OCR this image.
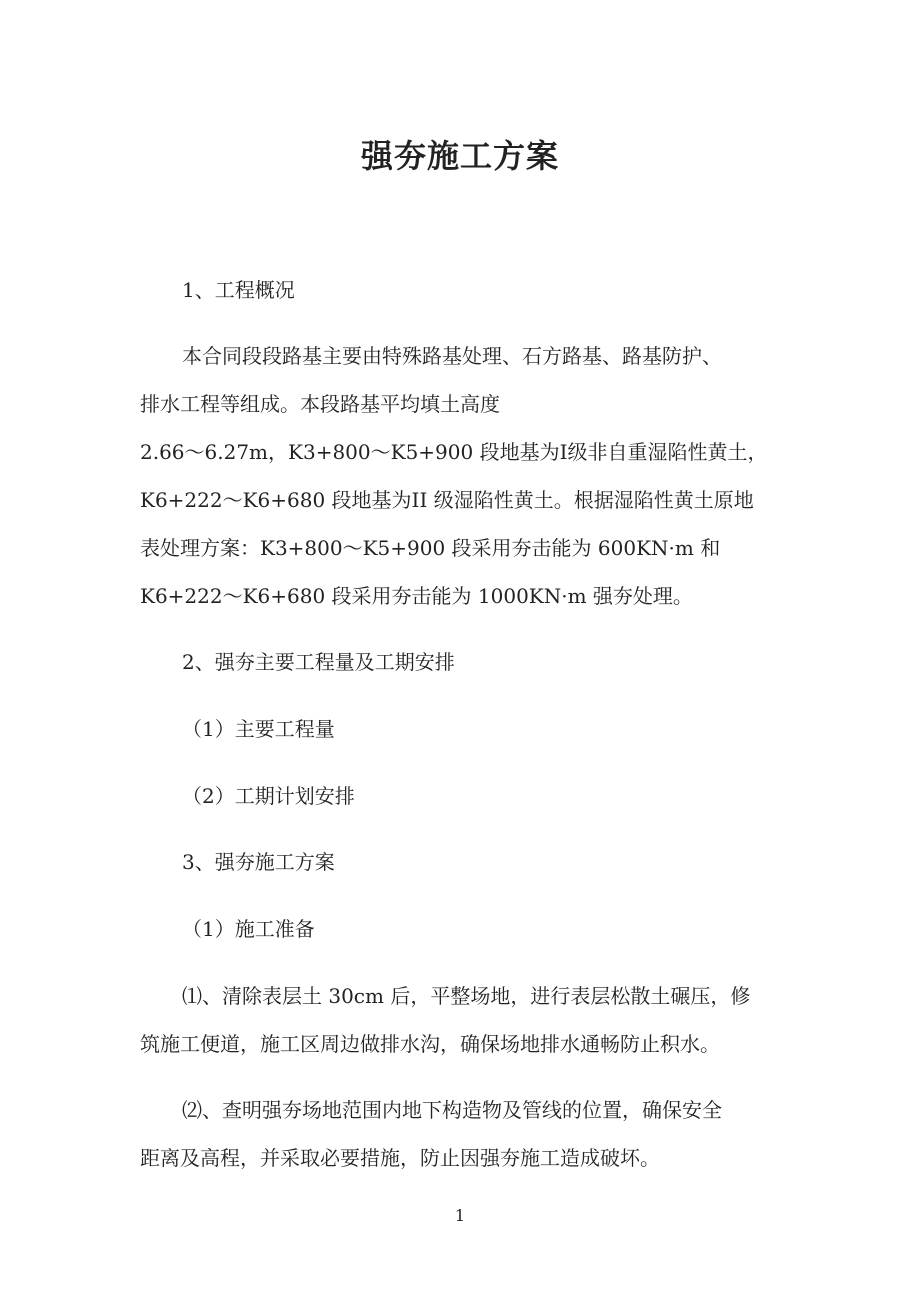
强夯施工方案
1、工程概况
本合同段段路基主要由特殊路基处理、石方路基、路基防护、
排水工程等组成。本段路基平均填土高度
2.66～6.27m，K3+800～K5+900 段地基为Ⅰ级非自重湿陷性黄土，
K6+222～K6+680 段地基为II 级湿陷性黄土。根据湿陷性黄土原地
表处理方案：K3+800～K5+900 段采用夯击能为 600KN·m 和
K6+222～K6+680 段采用夯击能为 1000KN·m 强夯处理。
2、强夯主要工程量及工期安排
（1）主要工程量
（2）工期计划安排
3、强夯施工方案
（1）施工准备
⑴、清除表层土 30cm 后，平整场地，进行表层松散土碾压，修
筑施工便道，施工区周边做排水沟，确保场地排水通畅防止积水。
⑵、查明强夯场地范围内地下构造物及管线的位置，确保安全
距离及高程，并采取必要措施，防止因强夯施工造成破坏。
1
